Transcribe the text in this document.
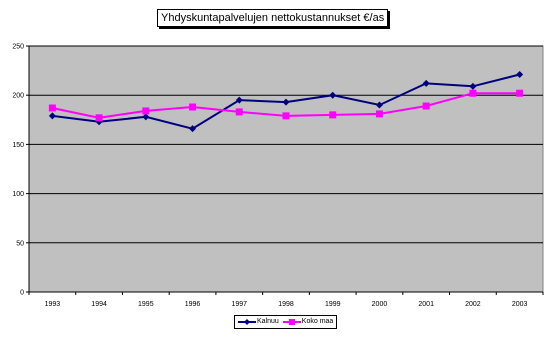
0
50
100
150
200
250
1993	1994	1995	1996	1997	1998	1999	2000	2001	2002	2003
Yhdyskuntapalvelujen nettokustannukset €/as
Kalnuu	Koko maa
